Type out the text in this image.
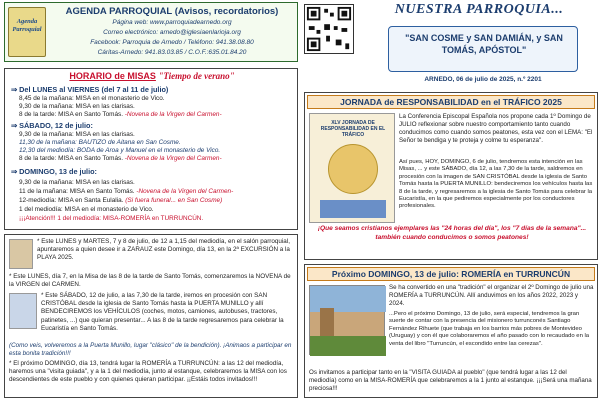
Agenda Parroquial
AGENDA PARROQUIAL (Avisos, recordatorios)
Página web: www.parroquiadearnedo.org
Correo electrónico: arnedo@iglesiaenlarioja.org
Facebook: Parroquia de Arnedo / Teléfono: 941.38.08.80
Cáritas-Arnedo: 941.83.03.85 / C.O.F.:635.01.84.20
HORARIO de MISAS "Tiempo de verano"
⇒ Del LUNES al VIERNES (del 7 al 11 de julio)
8,45 de la mañana: MISA en el monasterio de Vico.
9,30 de la mañana: MISA en las clarisas.
8 de la tarde: MISA en Santo Tomás. -Novena de la Virgen del Carmen-
⇒ SÁBADO, 12 de julio:
9,30 de la mañana: MISA en las clarisas.
11,30 de la mañana: BAUTIZO de Aitana en San Cosme.
12,30 del mediodía: BODA de Aroa y Manuel en el monasterio de Vico.
8 de la tarde: MISA en Santo Tomás. -Novena de la Virgen del Carmen-
⇒ DOMINGO, 13 de julio:
9,30 de la mañana: MISA en las clarisas.
11 de la mañana: MISA en Santo Tomás. -Novena de la Virgen del Carmen-
12-mediodía: MISA en Santa Eulalia. (Si fuera funeral... en San Cosme)
1 del mediodía: MISA en el monasterio de Vico.
¡¡¡Atención!!! 1 del mediodía: MISA-ROMERÍA en TURRUNCÚN.
* Este LUNES y MARTES, 7 y 8 de julio, de 12 a 1,15 del mediodía, en el salón parroquial, apuntaremos a quien desee ir a ZARAUZ este Domingo, día 13, en la 2ª EXCURSIÓN a la PLAYA 2025.
* Este LUNES, día 7, en la Misa de las 8 de la tarde de Santo Tomás, comenzaremos la NOVENA de la VIRGEN del CARMEN.
* Este SÁBADO, 12 de julio, a las 7,30 de la tarde, iremos en procesión con SAN CRISTÓBAL desde la iglesia de Santo Tomás hasta la PUERTA MUNILLO y allí BENDECIREMOS los VEHÍCULOS (coches, motos, camiones, autobuses, tractores, patinetes, ...) que quieran presentar... A las 8 de la tarde regresaremos para celebrar la Eucaristía en Santo Tomás.
(Como veis, volveremos a la Puerta Munillo, lugar "clásico" de la bendición). ¡Animaos a participar en esta bonita tradición!!!
* El próximo DOMINGO, día 13, tendrá lugar la ROMERÍA a TURRUNCÚN: a las 12 del mediodía, haremos una "visita guiada", y a la 1 del mediodía, junto al estanque, celebraremos la MISA con los descendientes de este pueblo y con quienes quieran participar. ¡¡Estáis todos invitados!!!
NUESTRA PARROQUIA...
"SAN COSME y SAN DAMIÁN, y SAN TOMÁS, APÓSTOL"
ARNEDO, 06 de julio de 2025, n.º 2201
JORNADA de RESPONSABILIDAD en el TRÁFICO 2025
XLV JORNADA DE RESPONSABILIDAD EN EL TRÁFICO
La Conferencia Episcopal Española nos propone cada 1º Domingo de JULIO reflexionar sobre nuestro comportamiento tanto cuando conducimos como cuando somos peatones, esta vez con el LEMA: "El Señor te bendiga y te proteja y colme tu esperanza".
Así pues, HOY, DOMINGO, 6 de julio, tendremos esta intención en las Misas, ... y este SÁBADO, día 12, a las 7,30 de la tarde, saldremos en procesión con la imagen de SAN CRISTÓBAL desde la iglesia de Santo Tomás hasta la PUERTA MUNILLO: bendeciremos los vehículos hasta las 8 de la tarde, y regresaremos a la iglesia de Santo Tomás para celebrar la Eucaristía, en la que pediremos especialmente por los conductores profesionales.
¡Que seamos cristianos ejemplares las "24 horas del día", los "7 días de la semana"... también cuando conducimos o somos peatones!
Próximo DOMINGO, 13 de julio: ROMERÍA en TURRUNCÚN
Se ha convertido en una "tradición" el organizar el 2º Domingo de julio una ROMERÍA a TURRUNCÚN. Allí anduvimos en los años 2022, 2023 y 2024.
...Pero el próximo Domingo, 13 de julio, será especial, tendremos la gran suerte de contar con la presencia del misionero turrunconés Santiago Fernández Rihuete (que trabaja en los barrios más pobres de Montevideo (Uruguay) y con él que colaboraremos el año pasado con lo recaudado en la venta del libro "Turruncún, el escondido entre las cerezas".
Os invitamos a participar tanto en la "VISITA GUIADA al pueblo" (que tendrá lugar a las 12 del mediodía) como en la MISA-ROMERÍA que celebraremos a la 1 junto al estanque. ¡¡¡Será una mañana preciosa!!!
